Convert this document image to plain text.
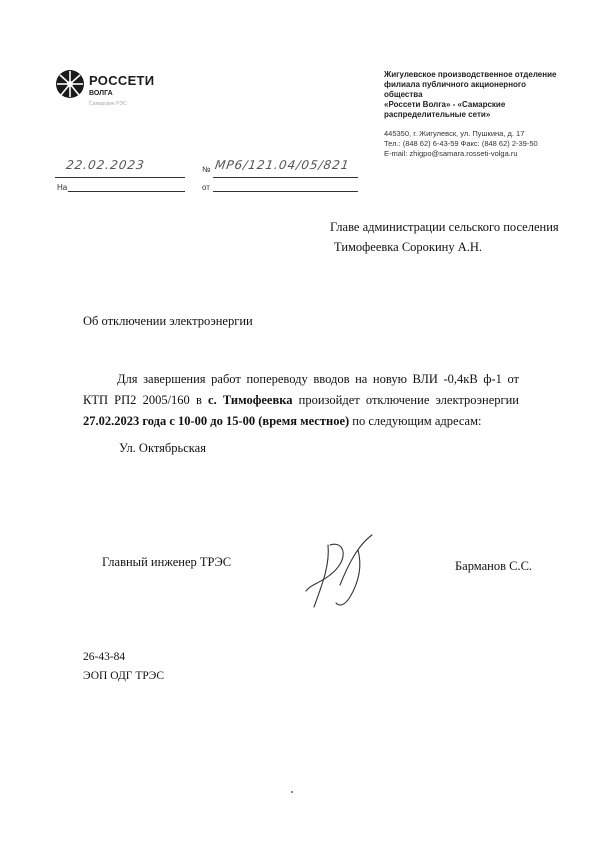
РОССЕТИ
ВОЛГА
Самарские РЭС
Жигулевское производственное отделение
филиала публичного акционерного общества
«Россети Волга» - «Самарские
распределительные сети»
445350, г. Жигулевск, ул. Пушкина, д. 17
Тел.: (848 62) 6-43-59 Факс: (848 62) 2-39-50
E-mail: zhigpo@samara.rosseti-volga.ru
22.02.2023	№ МР6/121.04/05/821
На	от
Главе администрации сельского поселения
Тимофеевка Сорокину А.Н.
Об отключении электроэнергии
Для завершения работ попереводу вводов на новую ВЛИ -0,4кВ ф-1 от КТП РП2 2005/160 в с. Тимофеевка произойдет отключение электроэнергии 27.02.2023 года с 10-00 до 15-00 (время местное) по следующим адресам:
Ул. Октябрьская
Главный инженер ТРЭС	Барманов С.С.
26-43-84
ЭОП ОДГ ТРЭС
